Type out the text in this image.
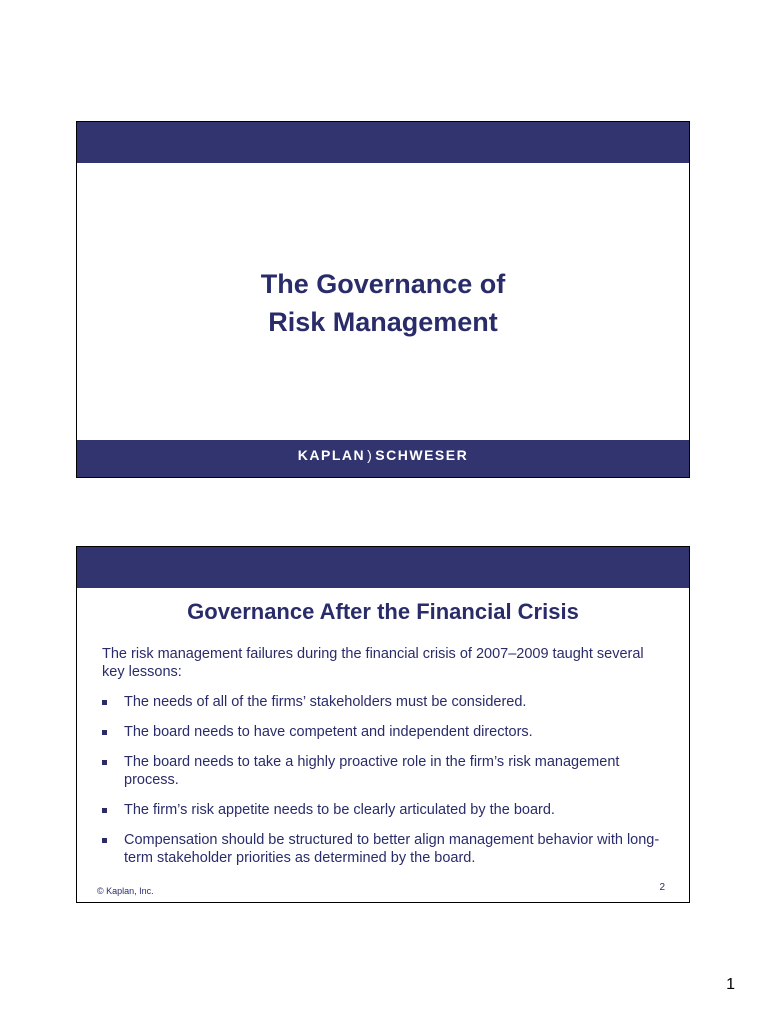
The Governance of
Risk Management
KAPLAN ) SCHWESER
Governance After the Financial Crisis
The risk management failures during the financial crisis of 2007–2009 taught several key lessons:
The needs of all of the firms’ stakeholders must be considered.
The board needs to have competent and independent directors.
The board needs to take a highly proactive role in the firm’s risk management process.
The firm’s risk appetite needs to be clearly articulated by the board.
Compensation should be structured to better align management behavior with long-term stakeholder priorities as determined by the board.
© Kaplan, Inc.	2
1
